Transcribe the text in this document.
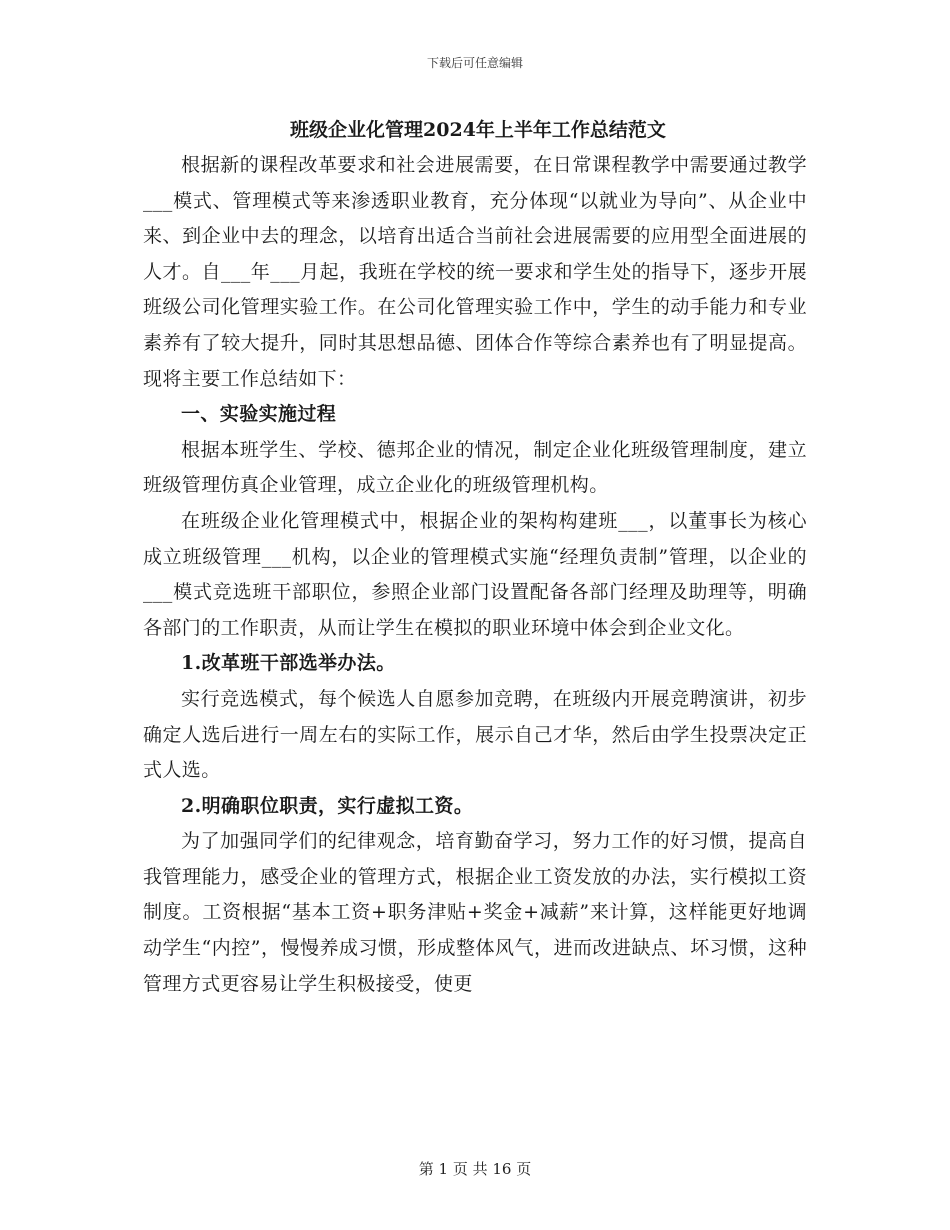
下载后可任意编辑
班级企业化管理2024年上半年工作总结范文

根据新的课程改革要求和社会进展需要，在日常课程教学中需要通过教学___模式、管理模式等来渗透职业教育，充分体现“以就业为导向”、从企业中来、到企业中去的理念，以培育出适合当前社会进展需要的应用型全面进展的人才。自___年___月起，我班在学校的统一要求和学生处的指导下，逐步开展班级公司化管理实验工作。在公司化管理实验工作中，学生的动手能力和专业素养有了较大提升，同时其思想品德、团体合作等综合素养也有了明显提高。现将主要工作总结如下：

一、实验实施过程

根据本班学生、学校、德邦企业的情况，制定企业化班级管理制度，建立班级管理仿真企业管理，成立企业化的班级管理机构。

在班级企业化管理模式中，根据企业的架构构建班___，以董事长为核心成立班级管理___机构，以企业的管理模式实施“经理负责制”管理，以企业的___模式竞选班干部职位，参照企业部门设置配备各部门经理及助理等，明确各部门的工作职责，从而让学生在模拟的职业环境中体会到企业文化。

1.改革班干部选举办法。

实行竞选模式，每个候选人自愿参加竞聘，在班级内开展竞聘演讲，初步确定人选后进行一周左右的实际工作，展示自己才华，然后由学生投票决定正式人选。

2.明确职位职责，实行虚拟工资。

为了加强同学们的纪律观念，培育勤奋学习，努力工作的好习惯，提高自我管理能力，感受企业的管理方式，根据企业工资发放的办法，实行模拟工资制度。工资根据“基本工资+职务津贴+奖金+减薪”来计算，这样能更好地调动学生“内控”，慢慢养成习惯，形成整体风气，进而改进缺点、坏习惯，这种管理方式更容易让学生积极接受，使更

第 1 页 共 16 页
